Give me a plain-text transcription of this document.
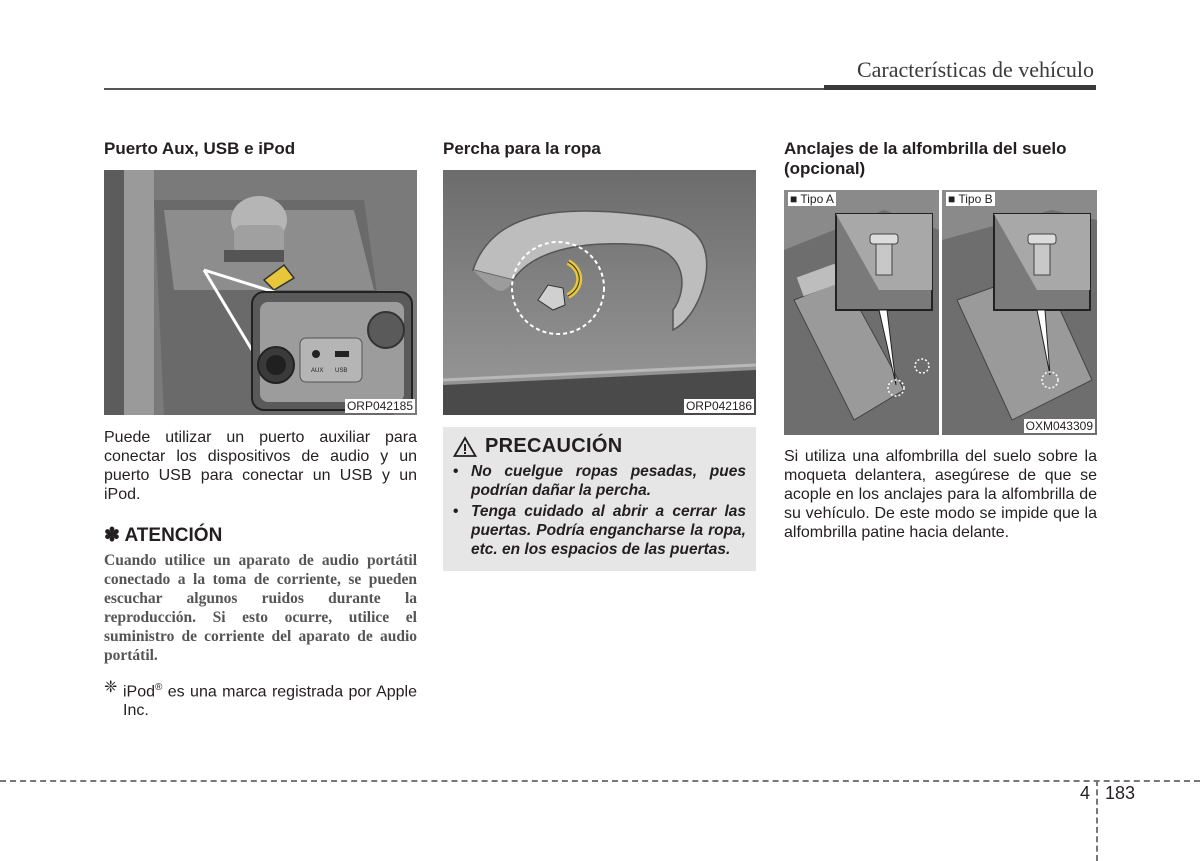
Características de vehículo
Puerto Aux, USB e iPod
AUX USB
ORP042185

Puede utilizar un puerto auxiliar para conectar los dispositivos de audio y un puerto USB para conectar un USB y un iPod.

✽ ATENCIÓN

Cuando utilice un aparato de audio portátil conectado a la toma de corriente, se pueden escuchar algunos ruidos durante la reproducción. Si esto ocurre, utilice el suministro de corriente del aparato de audio portátil.

❈ iPod® es una marca registrada por Apple Inc.
Percha para la ropa
ORP042186
PRECAUCIÓN
• No cuelgue ropas pesadas, pues podrían dañar la percha.
• Tenga cuidado al abrir a cerrar las puertas. Podría engancharse la ropa, etc. en los espacios de las puertas.
Anclajes de la alfombrilla del suelo (opcional)
■ Tipo A	■ Tipo B
OXM043309

Si utiliza una alfombrilla del suelo sobre la moqueta delantera, asegúrese de que se acople en los anclajes para la alfombrilla de su vehículo. De este modo se impide que la alfombrilla patine hacia delante.

4 183
